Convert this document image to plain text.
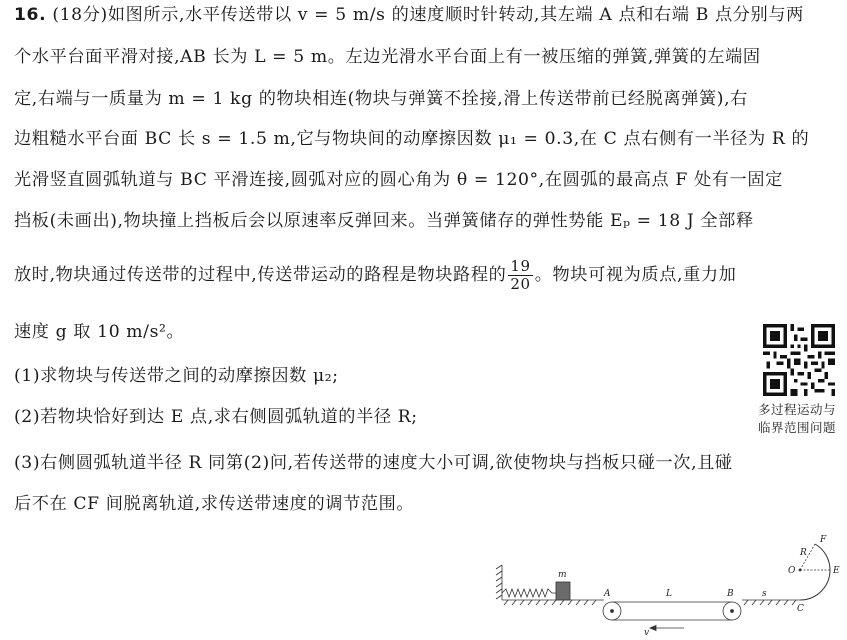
16. (18分)如图所示,水平传送带以 v = 5 m/s 的速度顺时针转动,其左端 A 点和右端 B 点分别与两
个水平台面平滑对接,AB 长为 L = 5 m。左边光滑水平台面上有一被压缩的弹簧,弹簧的左端固
定,右端与一质量为 m = 1 kg 的物块相连(物块与弹簧不拴接,滑上传送带前已经脱离弹簧),右
边粗糙水平台面 BC 长 s = 1.5 m,它与物块间的动摩擦因数 μ₁ = 0.3,在 C 点右侧有一半径为 R 的
光滑竖直圆弧轨道与 BC 平滑连接,圆弧对应的圆心角为 θ = 120°,在圆弧的最高点 F 处有一固定
挡板(未画出),物块撞上挡板后会以原速率反弹回来。当弹簧储存的弹性势能 Eₚ = 18 J 全部释
放时,物块通过传送带的过程中,传送带运动的路程是物块路程的 $\frac{19}{20}$ 。物块可视为质点,重力加
速度 g 取 10 m/s²。
(1)求物块与传送带之间的动摩擦因数 μ₂;
(2)若物块恰好到达 E 点,求右侧圆弧轨道的半径 R;
(3)右侧圆弧轨道半径 R 同第(2)问,若传送带的速度大小可调,欲使物块与挡板只碰一次,且碰
后不在 CF 间脱离轨道,求传送带速度的调节范围。
多过程运动与
临界范围问题
m
A	L	B
v
s
C
O
R
F
E
